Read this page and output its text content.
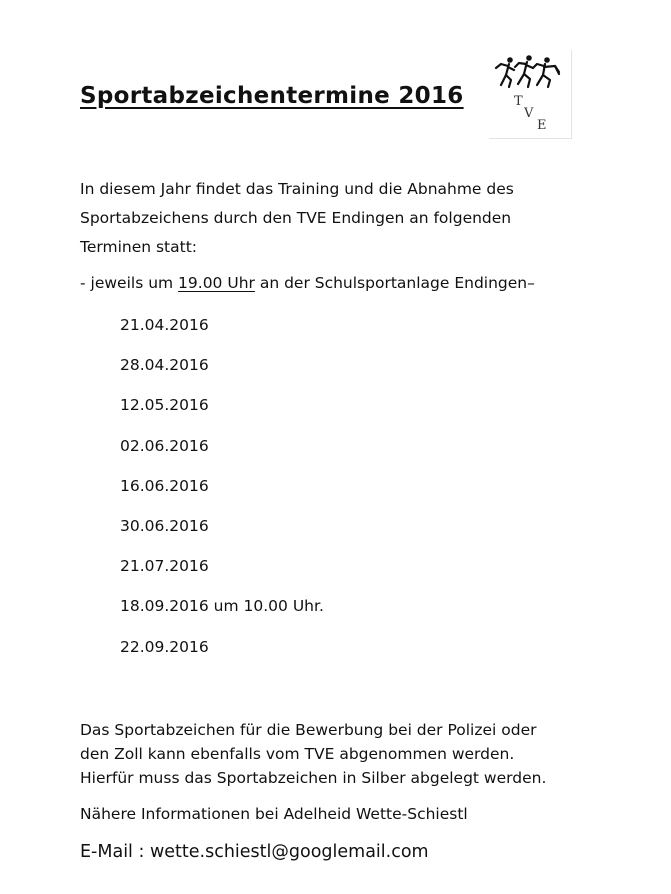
Sportabzeichentermine 2016	T
V
E
In diesem Jahr findet das Training und die Abnahme des
Sportabzeichens durch den TVE Endingen an folgenden
Terminen statt:
- jeweils um 19.00 Uhr an der Schulsportanlage Endingen–
21.04.2016
28.04.2016
12.05.2016
02.06.2016
16.06.2016
30.06.2016
21.07.2016
18.09.2016 um 10.00 Uhr.
22.09.2016
Das Sportabzeichen für die Bewerbung bei der Polizei oder
den Zoll kann ebenfalls vom TVE abgenommen werden.
Hierfür muss das Sportabzeichen in Silber abgelegt werden.
Nähere Informationen bei Adelheid Wette-Schiestl
E-Mail : wette.schiestl@googlemail.com
